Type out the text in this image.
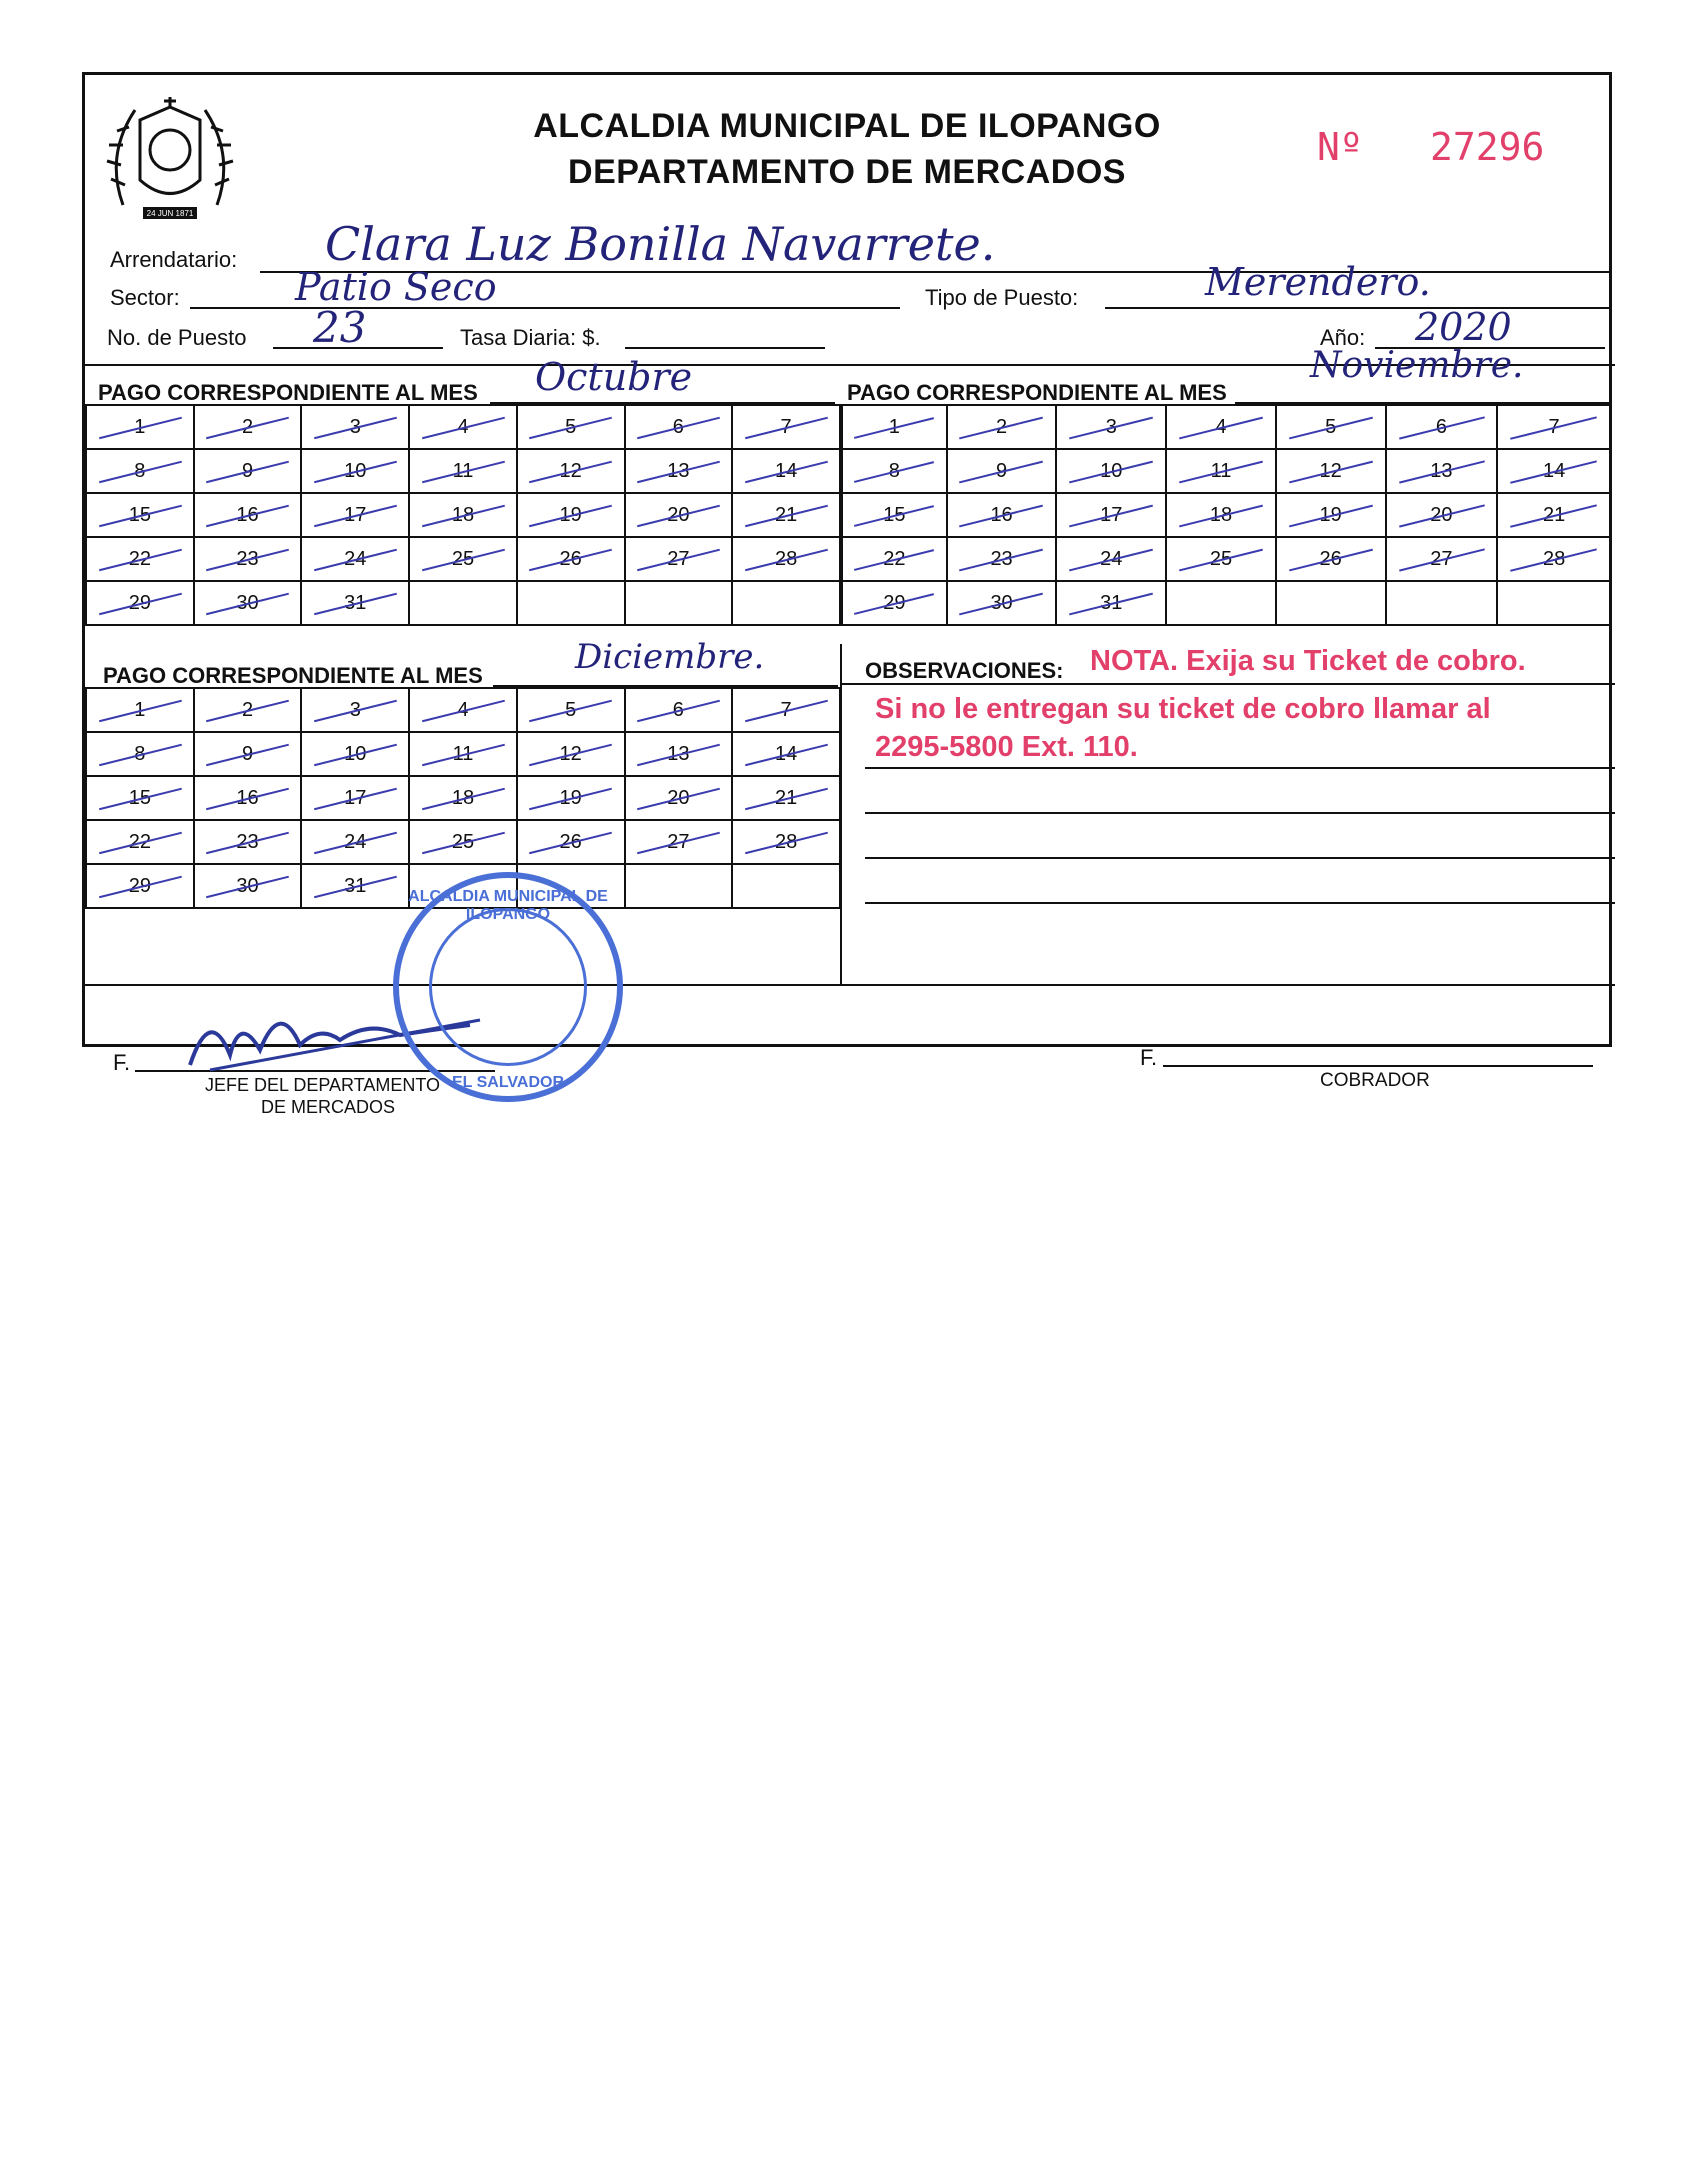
24 JUN 1871
ALCALDIA MUNICIPAL DE ILOPANGO
DEPARTAMENTO DE MERCADOS
Nº 27296
Arrendatario: Clara Luz Bonilla Navarrete.
Sector:	Patio Seco	Tipo de Puesto:	Merendero.
No. de Puesto 23	Tasa Diaria: $.	Año: 2020
PAGO CORRESPONDIENTE AL MES Octubre	PAGO CORRESPONDIENTE AL MES
Noviembre.
1	2	3	4	5	6	7
8	9	10	11	12	13	14
15	16	17	18	19	20	21
22	23	24	25	26	27	28
29	30	31				
1	2	3	4	5	6	7
8	9	10	11	12	13	14
15	16	17	18	19	20	21
22	23	24	25	26	27	28
29	30	31				
PAGO CORRESPONDIENTE AL MES	Diciembre.
1	2	3	4	5	6	7
8	9	10	11	12	13	14
15	16	17	18	19	20	21
22	23	24	25	26	27	28
29	30	31				
OBSERVACIONES: NOTA. Exija su Ticket de cobro.
Si no le entregan su ticket de cobro llamar al
2295-5800 Ext. 110.
F.
JEFE DEL DEPARTAMENTO
DE MERCADOS
F.
COBRADOR
ALCALDIA MUNICIPAL DE ILOPANGO
EL SALVADOR
